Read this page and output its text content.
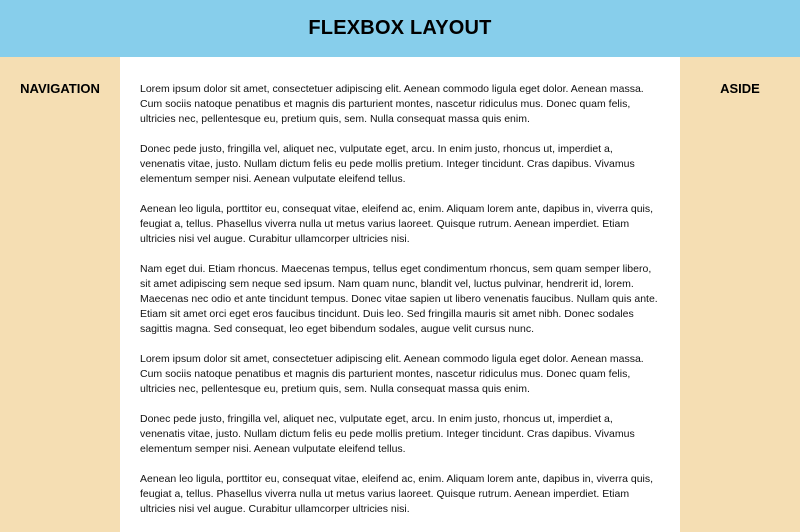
FLEXBOX LAYOUT
NAVIGATION	Lorem ipsum dolor sit amet, consectetuer adipiscing elit. Aenean commodo ligula eget dolor. Aenean massa. Cum sociis natoque penatibus et magnis dis parturient montes, nascetur ridiculus mus. Donec quam felis, ultricies nec, pellentesque eu, pretium quis, sem. Nulla consequat massa quis enim.

Donec pede justo, fringilla vel, aliquet nec, vulputate eget, arcu. In enim justo, rhoncus ut, imperdiet a, venenatis vitae, justo. Nullam dictum felis eu pede mollis pretium. Integer tincidunt. Cras dapibus. Vivamus elementum semper nisi. Aenean vulputate eleifend tellus.

Aenean leo ligula, porttitor eu, consequat vitae, eleifend ac, enim. Aliquam lorem ante, dapibus in, viverra quis, feugiat a, tellus. Phasellus viverra nulla ut metus varius laoreet. Quisque rutrum. Aenean imperdiet. Etiam ultricies nisi vel augue. Curabitur ullamcorper ultricies nisi.

Nam eget dui. Etiam rhoncus. Maecenas tempus, tellus eget condimentum rhoncus, sem quam semper libero, sit amet adipiscing sem neque sed ipsum. Nam quam nunc, blandit vel, luctus pulvinar, hendrerit id, lorem. Maecenas nec odio et ante tincidunt tempus. Donec vitae sapien ut libero venenatis faucibus. Nullam quis ante. Etiam sit amet orci eget eros faucibus tincidunt. Duis leo. Sed fringilla mauris sit amet nibh. Donec sodales sagittis magna. Sed consequat, leo eget bibendum sodales, augue velit cursus nunc.

Lorem ipsum dolor sit amet, consectetuer adipiscing elit. Aenean commodo ligula eget dolor. Aenean massa. Cum sociis natoque penatibus et magnis dis parturient montes, nascetur ridiculus mus. Donec quam felis, ultricies nec, pellentesque eu, pretium quis, sem. Nulla consequat massa quis enim.

Donec pede justo, fringilla vel, aliquet nec, vulputate eget, arcu. In enim justo, rhoncus ut, imperdiet a, venenatis vitae, justo. Nullam dictum felis eu pede mollis pretium. Integer tincidunt. Cras dapibus. Vivamus elementum semper nisi. Aenean vulputate eleifend tellus.

Aenean leo ligula, porttitor eu, consequat vitae, eleifend ac, enim. Aliquam lorem ante, dapibus in, viverra quis, feugiat a, tellus. Phasellus viverra nulla ut metus varius laoreet. Quisque rutrum. Aenean imperdiet. Etiam ultricies nisi vel augue. Curabitur ullamcorper ultricies nisi.

ASIDE
